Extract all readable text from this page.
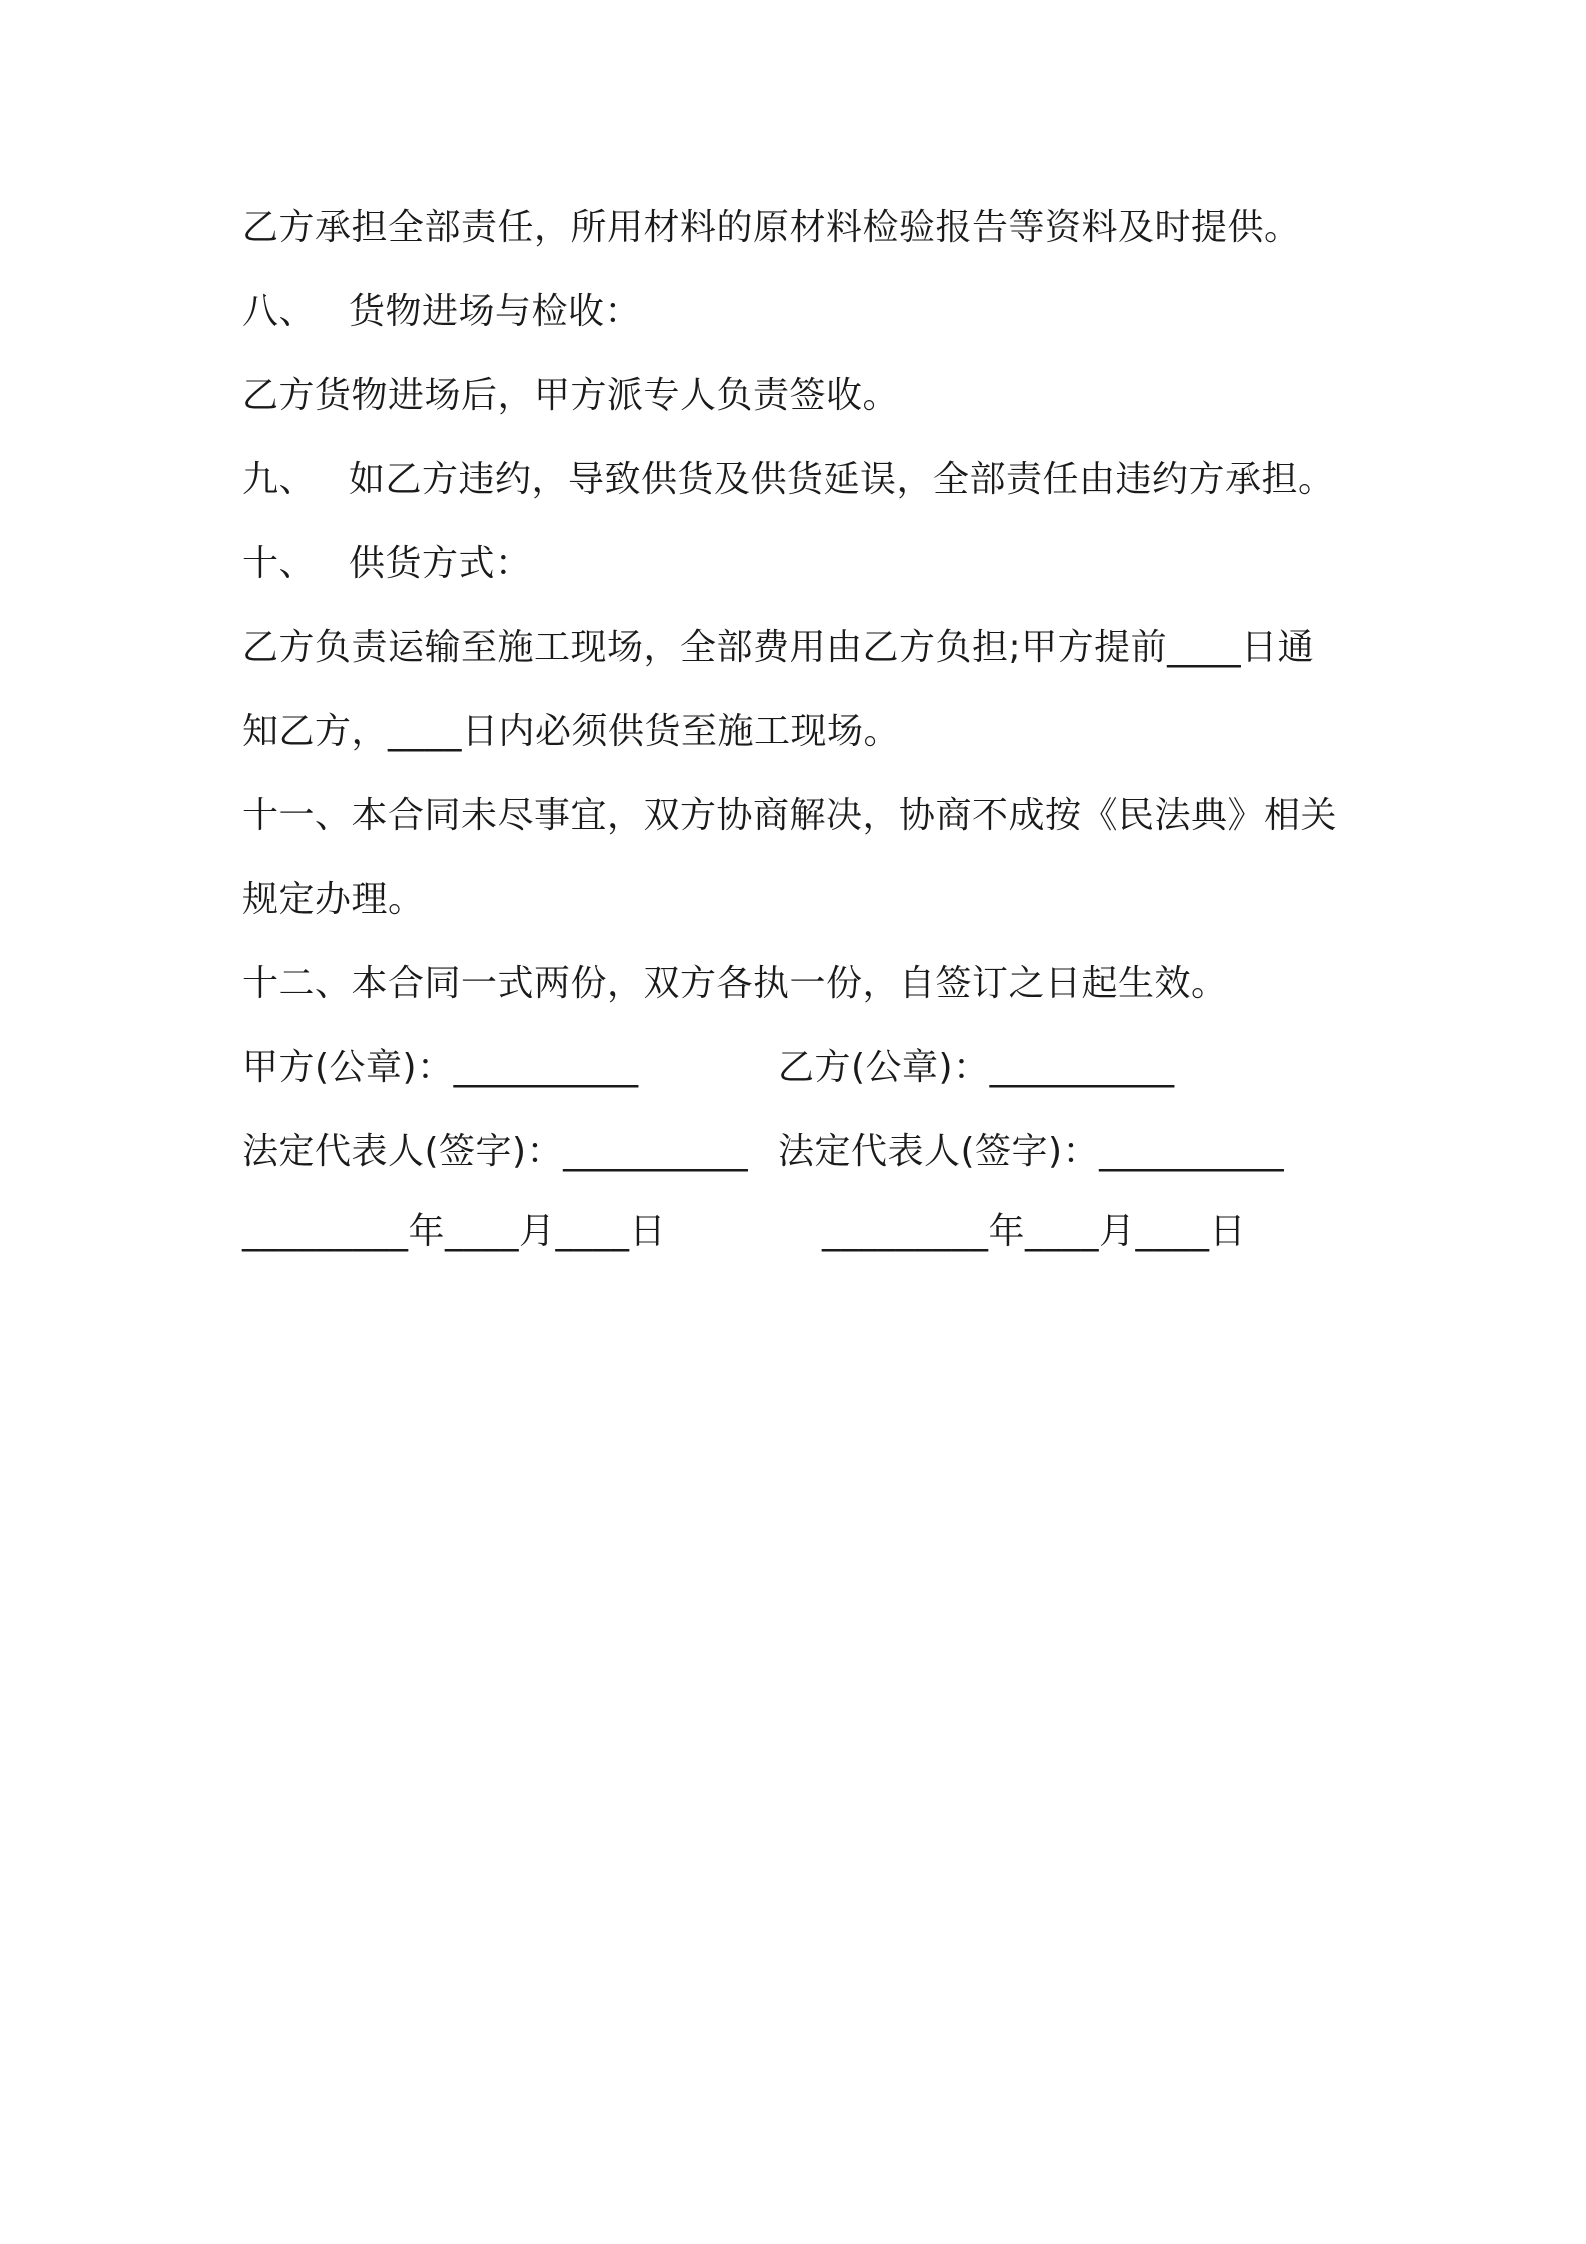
乙方承担全部责任，所用材料的原材料检验报告等资料及时提供。
八、 货物进场与检收：
乙方货物进场后，甲方派专人负责签收。
九、 如乙方违约，导致供货及供货延误，全部责任由违约方承担。
十、 供货方式：
乙方负责运输至施工现场，全部费用由乙方负担;甲方提前____日通
知乙方，____日内必须供货至施工现场。
十一、本合同未尽事宜，双方协商解决，协商不成按《民法典》相关
规定办理。
十二、本合同一式两份，双方各执一份，自签订之日起生效。
甲方(公章)：__________	乙方(公章)：__________
法定代表人(签字)：__________ 法定代表人(签字)：__________
_________年____月____日	_________年____月____日
